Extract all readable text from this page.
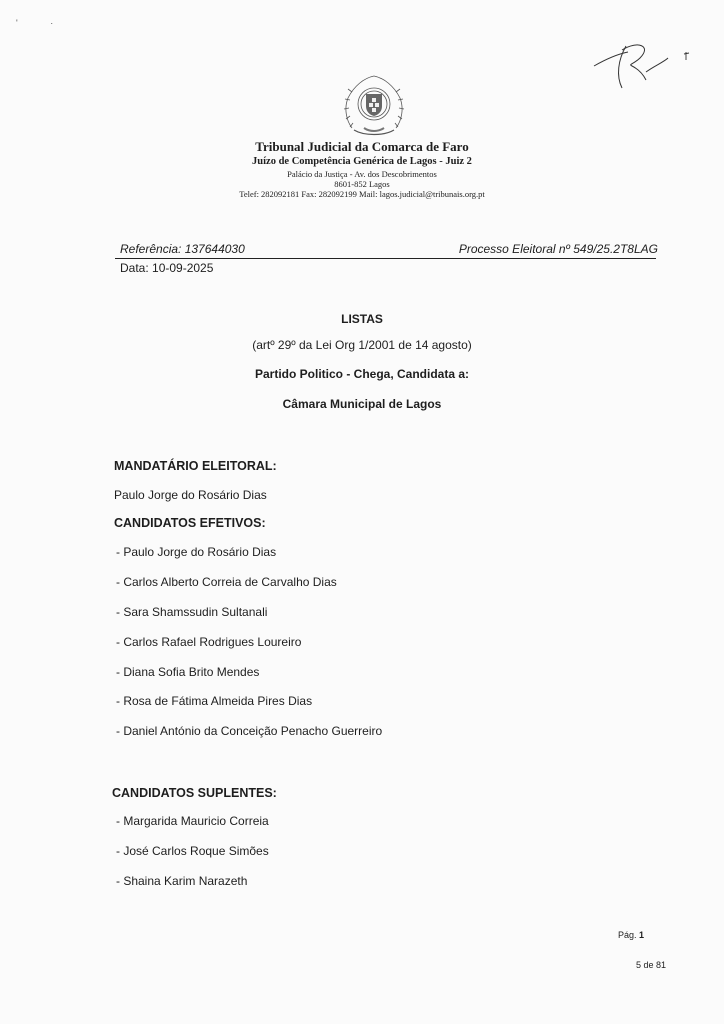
'             ·
Tribunal Judicial da Comarca de Faro
Juízo de Competência Genérica de Lagos - Juiz 2
Palácio da Justiça - Av. dos Descobrimentos
8601-852 Lagos
Telef: 282092181 Fax: 282092199 Mail: lagos.judicial@tribunais.org.pt
Referência: 137644030	Processo Eleitoral nº 549/25.2T8LAG
Data: 10-09-2025
LISTAS
(artº 29º da Lei Org 1/2001 de 14 agosto)
Partido Politico - Chega, Candidata a:
Câmara Municipal de Lagos
MANDATÁRIO ELEITORAL:
Paulo Jorge do Rosário Dias
CANDIDATOS EFETIVOS:
- Paulo Jorge do Rosário Dias
- Carlos Alberto Correia de Carvalho Dias
- Sara Shamssudin Sultanali
- Carlos Rafael Rodrigues Loureiro
- Diana Sofia Brito Mendes
- Rosa de Fátima Almeida Pires Dias
- Daniel António da Conceição Penacho Guerreiro
CANDIDATOS SUPLENTES:
- Margarida Mauricio Correia
- José Carlos Roque Simões
- Shaina Karim Narazeth
Pág. 1
5 de 81
